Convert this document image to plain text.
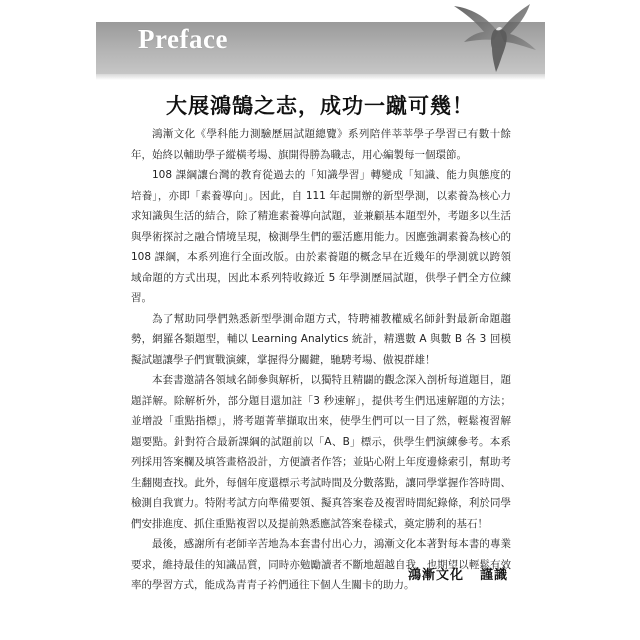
Preface
大展鴻鵠之志，成功一蹴可幾！

鴻漸文化《學科能力測驗歷屆試題總覽》系列陪伴莘莘學子學習已有數十餘年，始終以輔助學子縱橫考場、旗開得勝為職志，用心編製每一個環節。

108 課綱讓台灣的教育從過去的「知識學習」轉變成「知識、能力與態度的培養」，亦即「素養導向」。因此，自 111 年起開辦的新型學測，以素養為核心力求知識與生活的結合，除了精進素養導向試題，並兼顧基本題型外，考題多以生活與學術探討之融合情境呈現，檢測學生們的靈活應用能力。因應強調素養為核心的 108 課綱，本系列進行全面改版。由於素養題的概念早在近幾年的學測就以跨領域命題的方式出現，因此本系列特收錄近 5 年學測歷屆試題，供學子們全方位練習。

為了幫助同學們熟悉新型學測命題方式，特聘補教權威名師針對最新命題趨勢，網羅各類題型，輔以 Learning Analytics 統計，精選數 A 與數 B 各 3 回模擬試題讓學子們實戰演練，掌握得分關鍵，馳騁考場、傲視群雄！

本套書邀請各領域名師參與解析，以獨特且精闢的觀念深入剖析每道題目，題題詳解。除解析外，部分題目還加註「3 秒速解」，提供考生們迅速解題的方法；並增設「重點指標」，將考題菁華擷取出來，使學生們可以一目了然，輕鬆複習解題要點。針對符合最新課綱的試題前以「A、B」標示，供學生們演練參考。本系列採用答案欄及填答畫格設計，方便讀者作答；並貼心附上年度邊條索引，幫助考生翻閱查找。此外，每個年度還標示考試時間及分數落點，讓同學掌握作答時間、檢測自我實力。特附考試方向準備要領、擬真答案卷及複習時間紀錄條，利於同學們安排進度、抓住重點複習以及提前熟悉應試答案卷樣式，奠定勝利的基石！

最後，感謝所有老師辛苦地為本套書付出心力，鴻漸文化本著對每本書的專業要求，維持最佳的知識品質，同時亦勉勵讀者不斷地超越自我，也期望以輕鬆有效率的學習方式，能成為青青子衿們通往下個人生關卡的助力。

鴻漸文化 謹識
